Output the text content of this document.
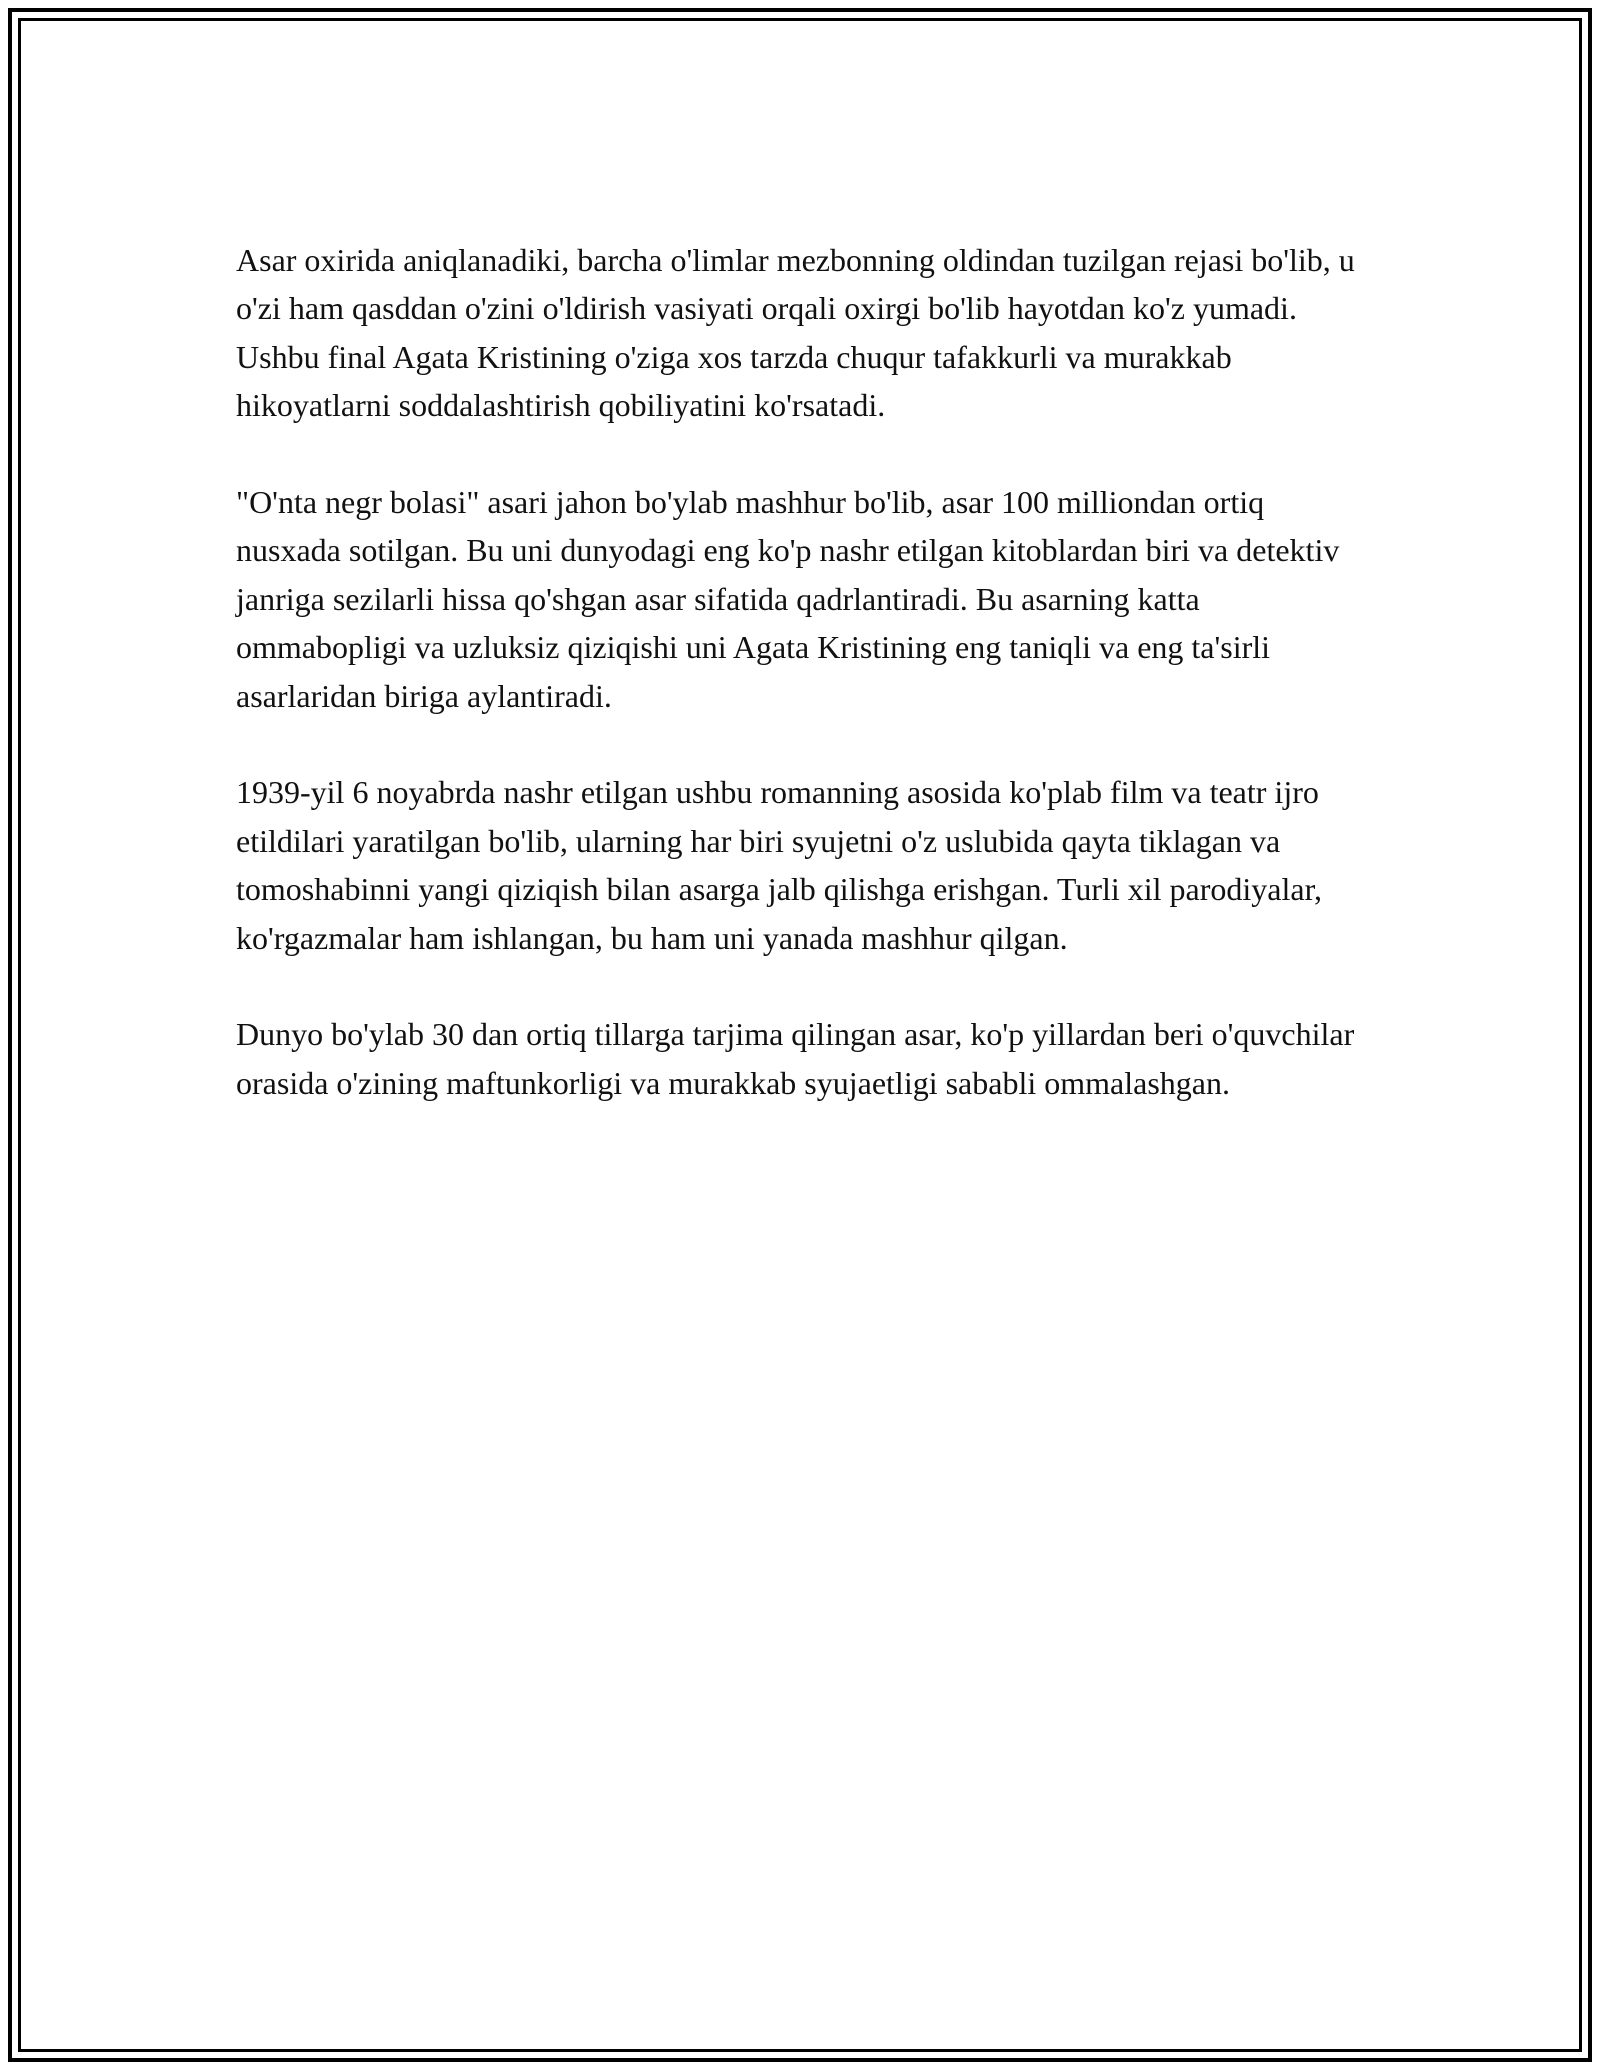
Asar oxirida aniqlanadiki, barcha o'limlar mezbonning oldindan tuzilgan rejasi bo'lib, u o'zi ham qasddan o'zini o'ldirish vasiyati orqali oxirgi bo'lib hayotdan ko'z yumadi. Ushbu final Agata Kristining o'ziga xos tarzda chuqur tafakkurli va murakkab hikoyatlarni soddalashtirish qobiliyatini ko'rsatadi.

"O'nta negr bolasi" asari jahon bo'ylab mashhur bo'lib, asar 100 milliondan ortiq nusxada sotilgan. Bu uni dunyodagi eng ko'p nashr etilgan kitoblardan biri va detektiv janriga sezilarli hissa qo'shgan asar sifatida qadrlantiradi. Bu asarning katta ommabopligi va uzluksiz qiziqishi uni Agata Kristining eng taniqli va eng ta'sirli asarlaridan biriga aylantiradi.

1939-yil 6 noyabrda nashr etilgan ushbu romanning asosida ko'plab film va teatr ijro etildilari yaratilgan bo'lib, ularning har biri syujetni o'z uslubida qayta tiklagan va tomoshabinni yangi qiziqish bilan asarga jalb qilishga erishgan. Turli xil parodiyalar, ko'rgazmalar ham ishlangan, bu ham uni yanada mashhur qilgan.

Dunyo bo'ylab 30 dan ortiq tillarga tarjima qilingan asar, ko'p yillardan beri o'quvchilar orasida o'zining maftunkorligi va murakkab syujaetligi sababli ommalashgan.
